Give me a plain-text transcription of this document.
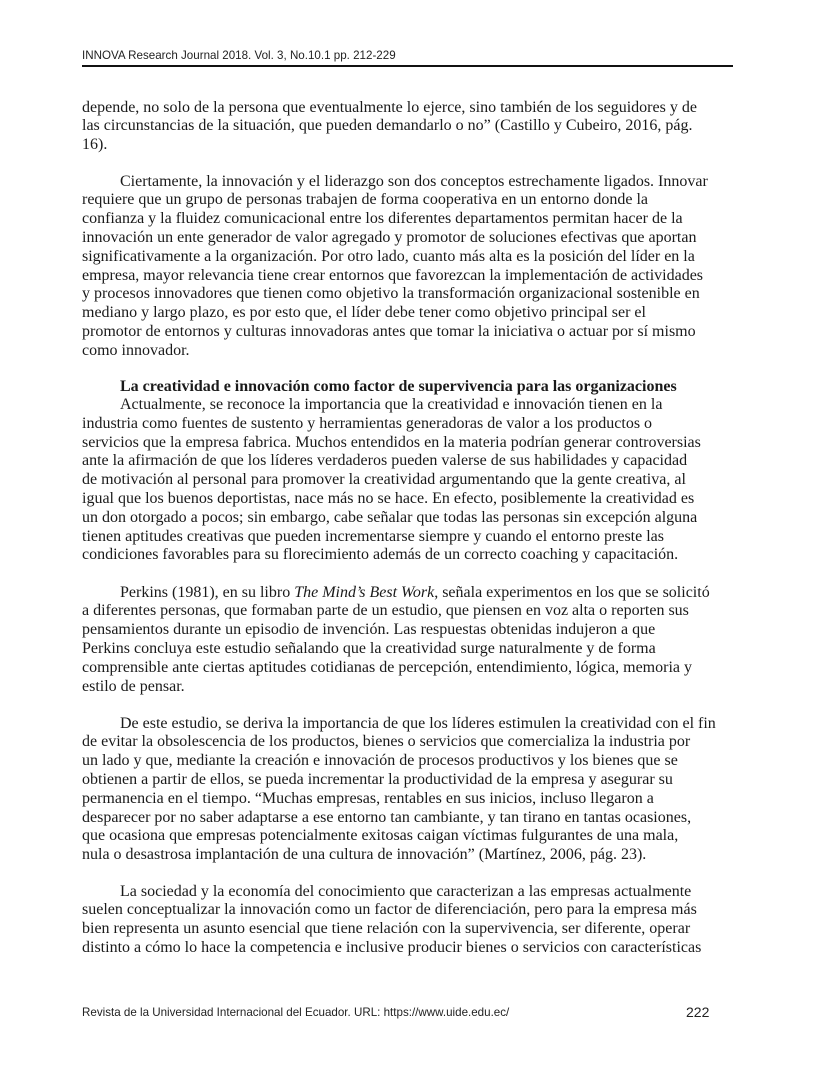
INNOVA Research Journal 2018. Vol. 3, No.10.1 pp. 212-229
depende, no solo de la persona que eventualmente lo ejerce, sino también de los seguidores y de
las circunstancias de la situación, que pueden demandarlo o no” (Castillo y Cubeiro, 2016, pág.
16).
Ciertamente, la innovación y el liderazgo son dos conceptos estrechamente ligados. Innovar
requiere que un grupo de personas trabajen de forma cooperativa en un entorno donde la
confianza y la fluidez comunicacional entre los diferentes departamentos permitan hacer de la
innovación un ente generador de valor agregado y promotor de soluciones efectivas que aportan
significativamente a la organización. Por otro lado, cuanto más alta es la posición del líder en la
empresa, mayor relevancia tiene crear entornos que favorezcan la implementación de actividades
y procesos innovadores que tienen como objetivo la transformación organizacional sostenible en
mediano y largo plazo, es por esto que, el líder debe tener como objetivo principal ser el
promotor de entornos y culturas innovadoras antes que tomar la iniciativa o actuar por sí mismo
como innovador.
La creatividad e innovación como factor de supervivencia para las organizaciones
Actualmente, se reconoce la importancia que la creatividad e innovación tienen en la
industria como fuentes de sustento y herramientas generadoras de valor a los productos o
servicios que la empresa fabrica. Muchos entendidos en la materia podrían generar controversias
ante la afirmación de que los líderes verdaderos pueden valerse de sus habilidades y capacidad
de motivación al personal para promover la creatividad argumentando que la gente creativa, al
igual que los buenos deportistas, nace más no se hace. En efecto, posiblemente la creatividad es
un don otorgado a pocos; sin embargo, cabe señalar que todas las personas sin excepción alguna
tienen aptitudes creativas que pueden incrementarse siempre y cuando el entorno preste las
condiciones favorables para su florecimiento además de un correcto coaching y capacitación.
Perkins (1981), en su libro The Mind’s Best Work, señala experimentos en los que se solicitó
a diferentes personas, que formaban parte de un estudio, que piensen en voz alta o reporten sus
pensamientos durante un episodio de invención. Las respuestas obtenidas indujeron a que
Perkins concluya este estudio señalando que la creatividad surge naturalmente y de forma
comprensible ante ciertas aptitudes cotidianas de percepción, entendimiento, lógica, memoria y
estilo de pensar.
De este estudio, se deriva la importancia de que los líderes estimulen la creatividad con el fin
de evitar la obsolescencia de los productos, bienes o servicios que comercializa la industria por
un lado y que, mediante la creación e innovación de procesos productivos y los bienes que se
obtienen a partir de ellos, se pueda incrementar la productividad de la empresa y asegurar su
permanencia en el tiempo. “Muchas empresas, rentables en sus inicios, incluso llegaron a
desparecer por no saber adaptarse a ese entorno tan cambiante, y tan tirano en tantas ocasiones,
que ocasiona que empresas potencialmente exitosas caigan víctimas fulgurantes de una mala,
nula o desastrosa implantación de una cultura de innovación” (Martínez, 2006, pág. 23).
La sociedad y la economía del conocimiento que caracterizan a las empresas actualmente
suelen conceptualizar la innovación como un factor de diferenciación, pero para la empresa más
bien representa un asunto esencial que tiene relación con la supervivencia, ser diferente, operar
distinto a cómo lo hace la competencia e inclusive producir bienes o servicios con características
Revista de la Universidad Internacional del Ecuador. URL: https://www.uide.edu.ec/	222
